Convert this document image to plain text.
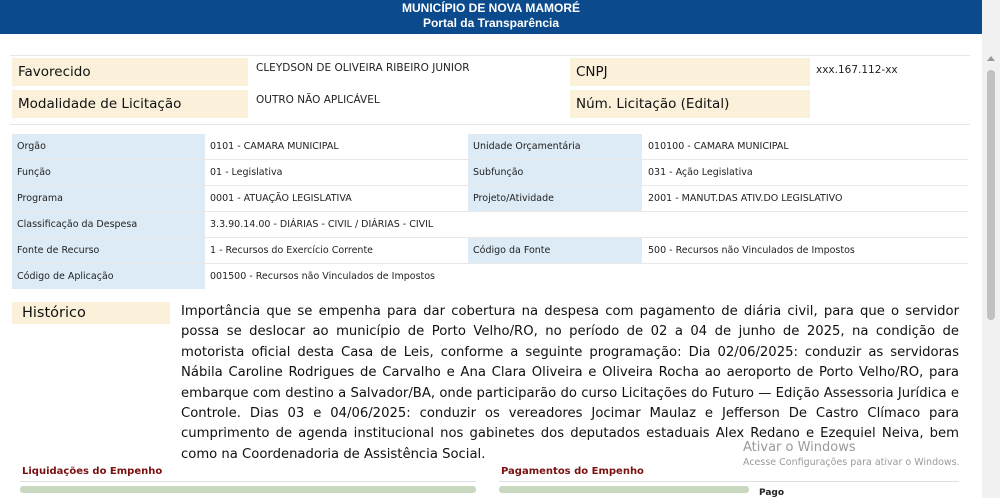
MUNICÍPIO DE NOVA MAMORÉ
Portal da Transparência
Favorecido	CLEYDSON DE OLIVEIRA RIBEIRO JUNIOR	CNPJ	xxx.167.112-xx
Modalidade de Licitação	OUTRO NÃO APLICÁVEL	Núm. Licitação (Edital)
Orgão	0101 - CAMARA MUNICIPAL	Unidade Orçamentária	010100 - CAMARA MUNICIPAL
Função	01 - Legislativa	Subfunção	031 - Ação Legislativa
Programa	0001 - ATUAÇÃO LEGISLATIVA	Projeto/Atividade	2001 - MANUT.DAS ATIV.DO LEGISLATIVO
Classificação da Despesa	3.3.90.14.00 - DIÁRIAS - CIVIL / DIÁRIAS - CIVIL
Fonte de Recurso	1 - Recursos do Exercício Corrente	Código da Fonte	500 - Recursos não Vinculados de Impostos
Código de Aplicação	001500 - Recursos não Vinculados de Impostos
Histórico	Importância que se empenha para dar cobertura na despesa com pagamento de diária civil, para que o servidor possa se deslocar ao município de Porto Velho/RO, no período de 02 a 04 de junho de 2025, na condição de motorista oficial desta Casa de Leis, conforme a seguinte programação: Dia 02/06/2025: conduzir as servidoras Nábila Caroline Rodrigues de Carvalho e Ana Clara Oliveira e Oliveira Rocha ao aeroporto de Porto Velho/RO, para embarque com destino a Salvador/BA, onde participarão do curso Licitações do Futuro — Edição Assessoria Jurídica e Controle. Dias 03 e 04/06/2025: conduzir os vereadores Jocimar Maulaz e Jefferson De Castro Clímaco para cumprimento de agenda institucional nos gabinetes dos deputados estaduais Alex Redano e Ezequiel Neiva, bem como na Coordenadoria de Assistência Social.
Liquidações do Empenho	Pagamentos do Empenho
Pago
Ativar o Windows
Acesse Configurações para ativar o Windows.
